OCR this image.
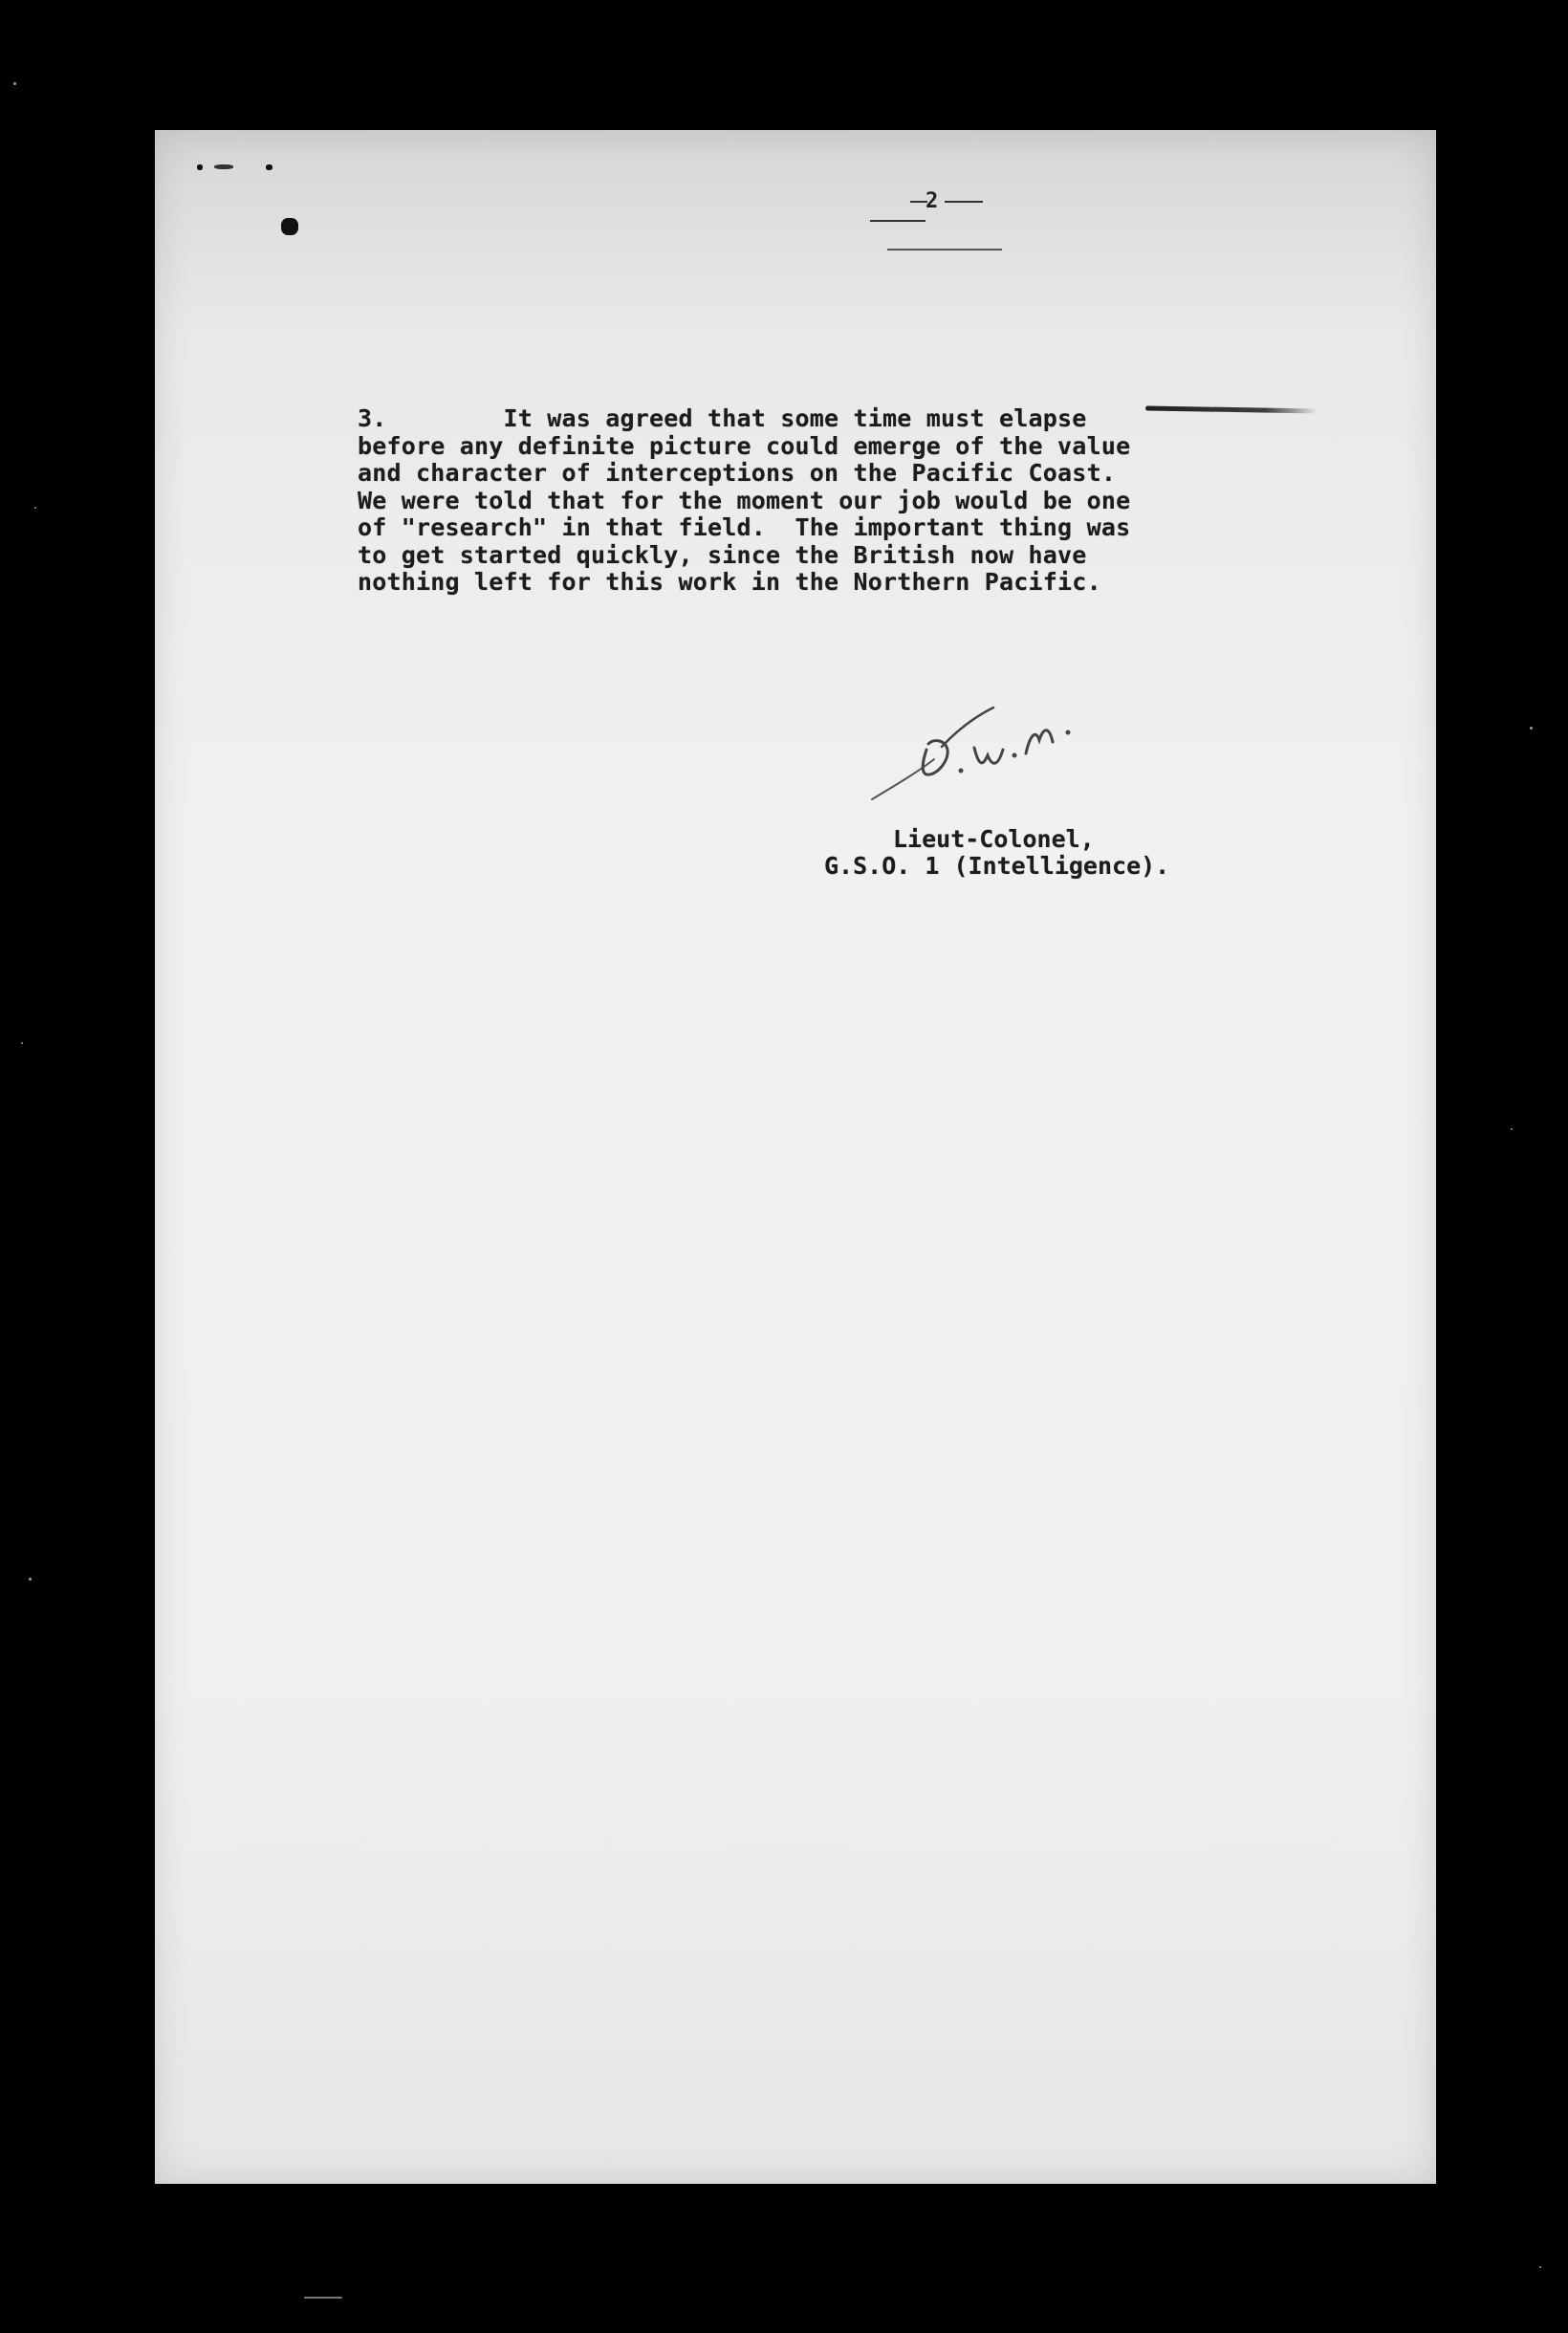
2
3.        It was agreed that some time must elapse
before any definite picture could emerge of the value
and character of interceptions on the Pacific Coast.
We were told that for the moment our job would be one
of "research" in that field.  The important thing was
to get started quickly, since the British now have
nothing left for this work in the Northern Pacific.
Lieut-Colonel,
G.S.O. 1 (Intelligence).
